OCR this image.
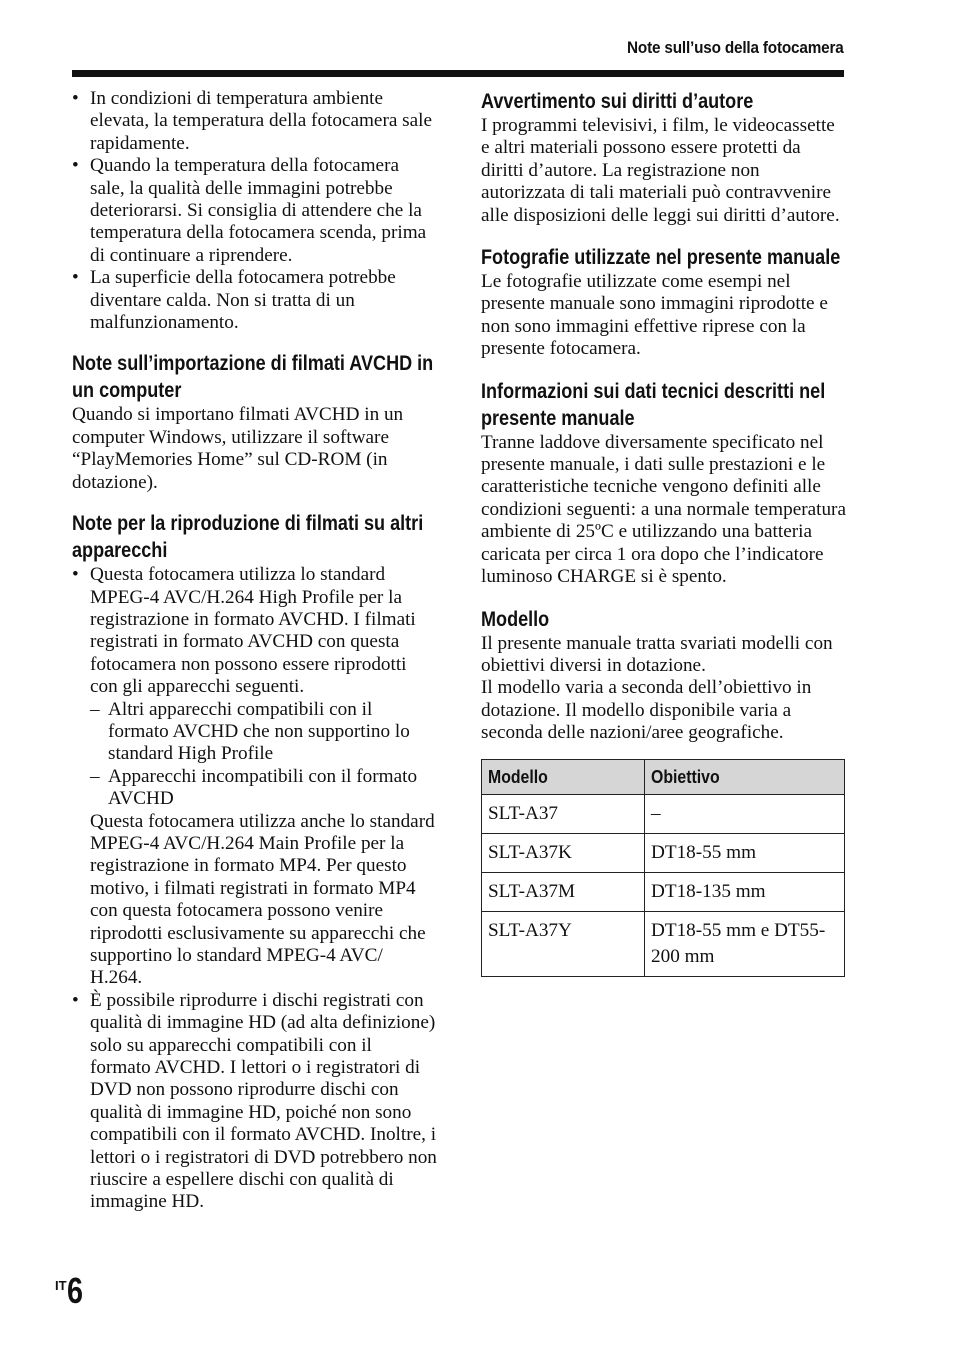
Note sull’uso della fotocamera
• In condizioni di temperatura ambiente elevata, la temperatura della fotocamera sale rapidamente.
• Quando la temperatura della fotocamera sale, la qualità delle immagini potrebbe deteriorarsi. Si consiglia di attendere che la temperatura della fotocamera scenda, prima di continuare a riprendere.
• La superficie della fotocamera potrebbe diventare calda. Non si tratta di un malfunzionamento.
Note sull’importazione di filmati AVCHD in un computer

Quando si importano filmati AVCHD in un computer Windows, utilizzare il software “PlayMemories Home” sul CD-ROM (in dotazione).

Note per la riproduzione di filmati su altri apparecchi
• Questa fotocamera utilizza lo standard MPEG-4 AVC/H.264 High Profile per la registrazione in formato AVCHD. I filmati registrati in formato AVCHD con questa fotocamera non possono essere riprodotti con gli apparecchi seguenti.
– Altri apparecchi compatibili con il formato AVCHD che non supportino lo standard High Profile
– Apparecchi incompatibili con il formato AVCHD
Questa fotocamera utilizza anche lo standard MPEG-4 AVC/H.264 Main Profile per la registrazione in formato MP4. Per questo motivo, i filmati registrati in formato MP4 con questa fotocamera possono venire riprodotti esclusivamente su apparecchi che supportino lo standard MPEG-4 AVC/ H.264.
• È possibile riprodurre i dischi registrati con qualità di immagine HD (ad alta definizione) solo su apparecchi compatibili con il formato AVCHD. I lettori o i registratori di DVD non possono riprodurre dischi con qualità di immagine HD, poiché non sono compatibili con il formato AVCHD. Inoltre, i lettori o i registratori di DVD potrebbero non riuscire a espellere dischi con qualità di immagine HD.
Avvertimento sui diritti d’autore

I programmi televisivi, i film, le videocassette e altri materiali possono essere protetti da diritti d’autore. La registrazione non autorizzata di tali materiali può contravvenire alle disposizioni delle leggi sui diritti d’autore.

Fotografie utilizzate nel presente manuale

Le fotografie utilizzate come esempi nel presente manuale sono immagini riprodotte e non sono immagini effettive riprese con la presente fotocamera.

Informazioni sui dati tecnici descritti nel presente manuale

Tranne laddove diversamente specificato nel presente manuale, i dati sulle prestazioni e le caratteristiche tecniche vengono definiti alle condizioni seguenti: a una normale temperatura ambiente di 25ºC e utilizzando una batteria caricata per circa 1 ora dopo che l’indicatore luminoso CHARGE si è spento.

Modello

Il presente manuale tratta svariati modelli con obiettivi diversi in dotazione.

Il modello varia a seconda dell’obiettivo in dotazione. Il modello disponibile varia a seconda delle nazioni/aree geografiche.

Modello	Obiettivo
SLT-A37	–
SLT-A37K	DT18-55 mm
SLT-A37M	DT18-135 mm
SLT-A37Y	DT18-55 mm e DT55-200 mm
$^{IT}$6
